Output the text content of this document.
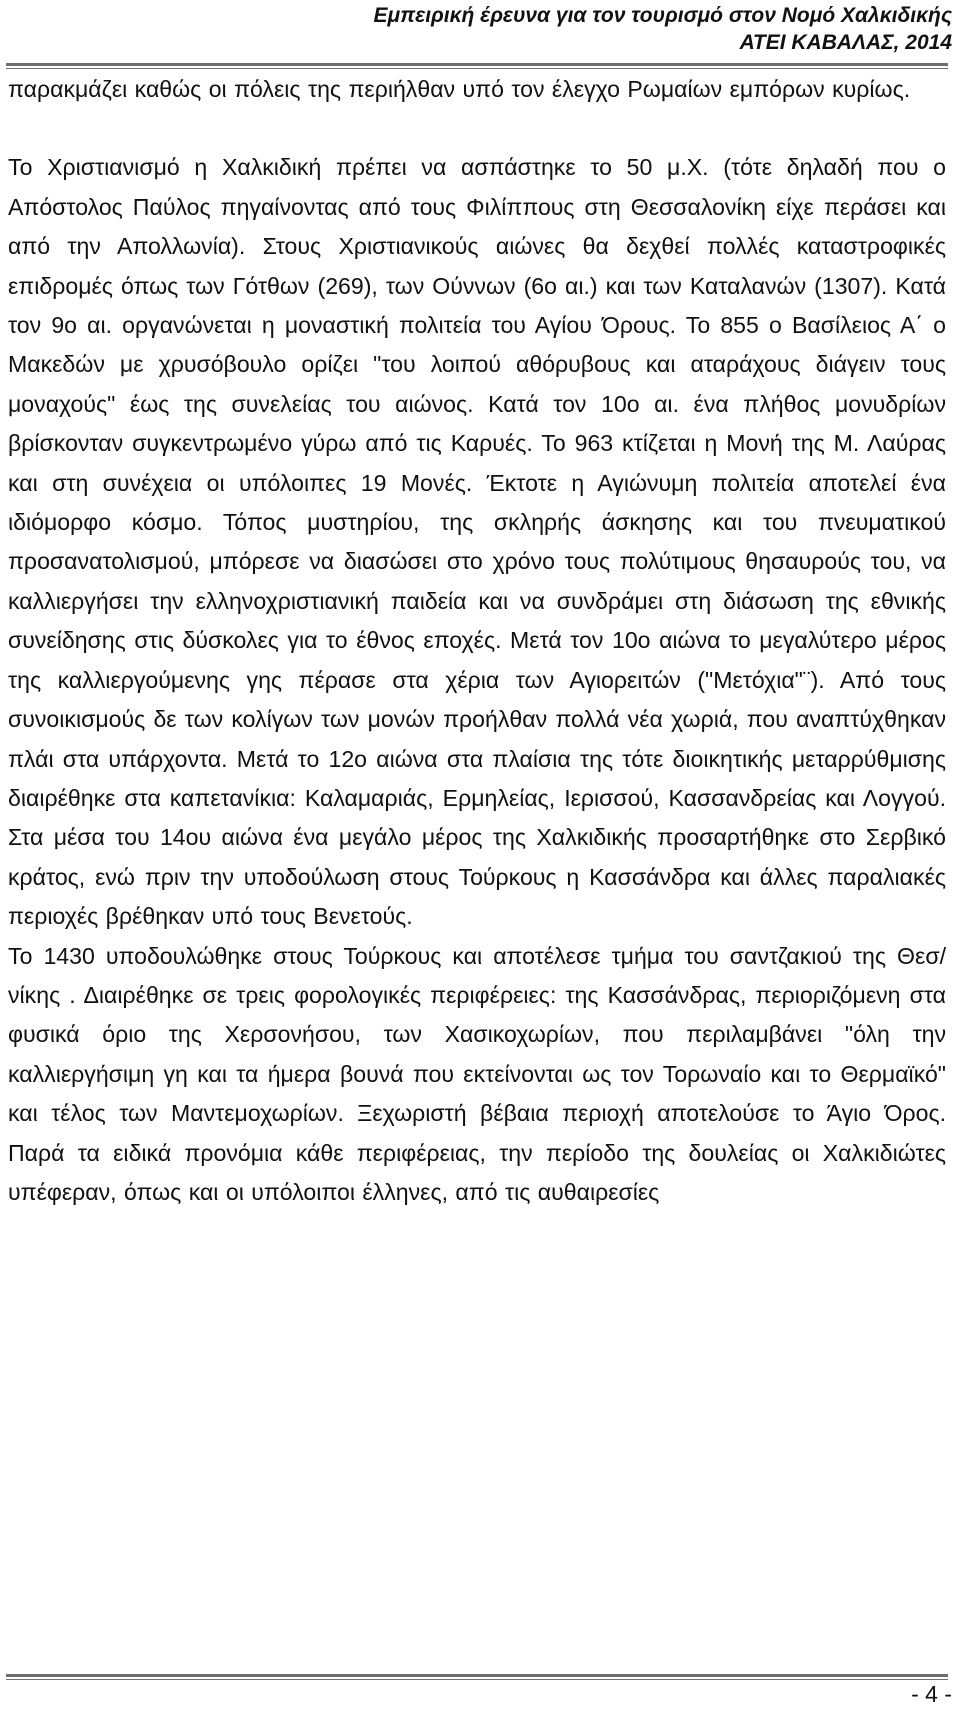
Εμπειρική έρευνα για τον τουρισμό στον Νομό Χαλκιδικής
ΑΤΕΙ ΚΑΒΑΛΑΣ, 2014

παρακμάζει καθώς οι πόλεις της περιήλθαν υπό τον έλεγχο Ρωμαίων εμπόρων κυρίως.

Το Χριστιανισμό η Χαλκιδική πρέπει να ασπάστηκε το 50 μ.Χ. (τότε δηλαδή που ο Απόστολος Παύλος πηγαίνοντας από τους Φιλίππους στη Θεσσαλονίκη είχε περάσει και από την Απολλωνία). Στους Χριστιανικούς αιώνες θα δεχθεί πολλές καταστροφικές επιδρομές όπως των Γότθων (269), των Ούννων (6ο αι.) και των Καταλανών (1307). Κατά τον 9ο αι. οργανώνεται η μοναστική πολιτεία του Αγίου Όρους. Το 855 ο Βασίλειος Α΄ ο Μακεδών με χρυσόβουλο ορίζει "του λοιπού αθόρυβους και αταράχους διάγειν τους μοναχούς" έως της συνελείας του αιώνος. Κατά τον 10ο αι. ένα πλήθος μονυδρίων βρίσκονταν συγκεντρωμένο γύρω από τις Καρυές. Το 963 κτίζεται η Μονή της Μ. Λαύρας και στη συνέχεια οι υπόλοιπες 19 Μονές. Έκτοτε η Αγιώνυμη πολιτεία αποτελεί ένα ιδιόμορφο κόσμο. Τόπος μυστηρίου, της σκληρής άσκησης και του πνευματικού προσανατολισμού, μπόρεσε να διασώσει στο χρόνο τους πολύτιμους θησαυρούς του, να καλλιεργήσει την ελληνοχριστιανική παιδεία και να συνδράμει στη διάσωση της εθνικής συνείδησης στις δύσκολες για το έθνος εποχές. Μετά τον 10ο αιώνα το μεγαλύτερο μέρος της καλλιεργούμενης γης πέρασε στα χέρια των Αγιορειτών ("Μετόχια"¨). Από τους συνοικισμούς δε των κολίγων των μονών προήλθαν πολλά νέα χωριά, που αναπτύχθηκαν πλάι στα υπάρχοντα. Μετά το 12ο αιώνα στα πλαίσια της τότε διοικητικής μεταρρύθμισης διαιρέθηκε στα καπετανίκια: Καλαμαριάς, Ερμηλείας, Ιερισσού, Κασσανδρείας και Λογγού. Στα μέσα του 14ου αιώνα ένα μεγάλο μέρος της Χαλκιδικής προσαρτήθηκε στο Σερβικό κράτος, ενώ πριν την υποδούλωση στους Τούρκους η Κασσάνδρα και άλλες παραλιακές περιοχές βρέθηκαν υπό τους Βενετούς.

Το 1430 υποδουλώθηκε στους Τούρκους και αποτέλεσε τμήμα του σαντζακιού της Θεσ/νίκης . Διαιρέθηκε σε τρεις φορολογικές περιφέρειες: της Κασσάνδρας, περιοριζόμενη στα φυσικά όριο της Χερσονήσου, των Χασικοχωρίων, που περιλαμβάνει "όλη την καλλιεργήσιμη γη και τα ήμερα βουνά που εκτείνονται ως τον Τορωναίο και το Θερμαϊκό" και τέλος των Μαντεμοχωρίων. Ξεχωριστή βέβαια περιοχή αποτελούσε το Άγιο Όρος. Παρά τα ειδικά προνόμια κάθε περιφέρειας, την περίοδο της δουλείας οι Χαλκιδιώτες υπέφεραν, όπως και οι υπόλοιποι έλληνες, από τις αυθαιρεσίες

- 4 -
